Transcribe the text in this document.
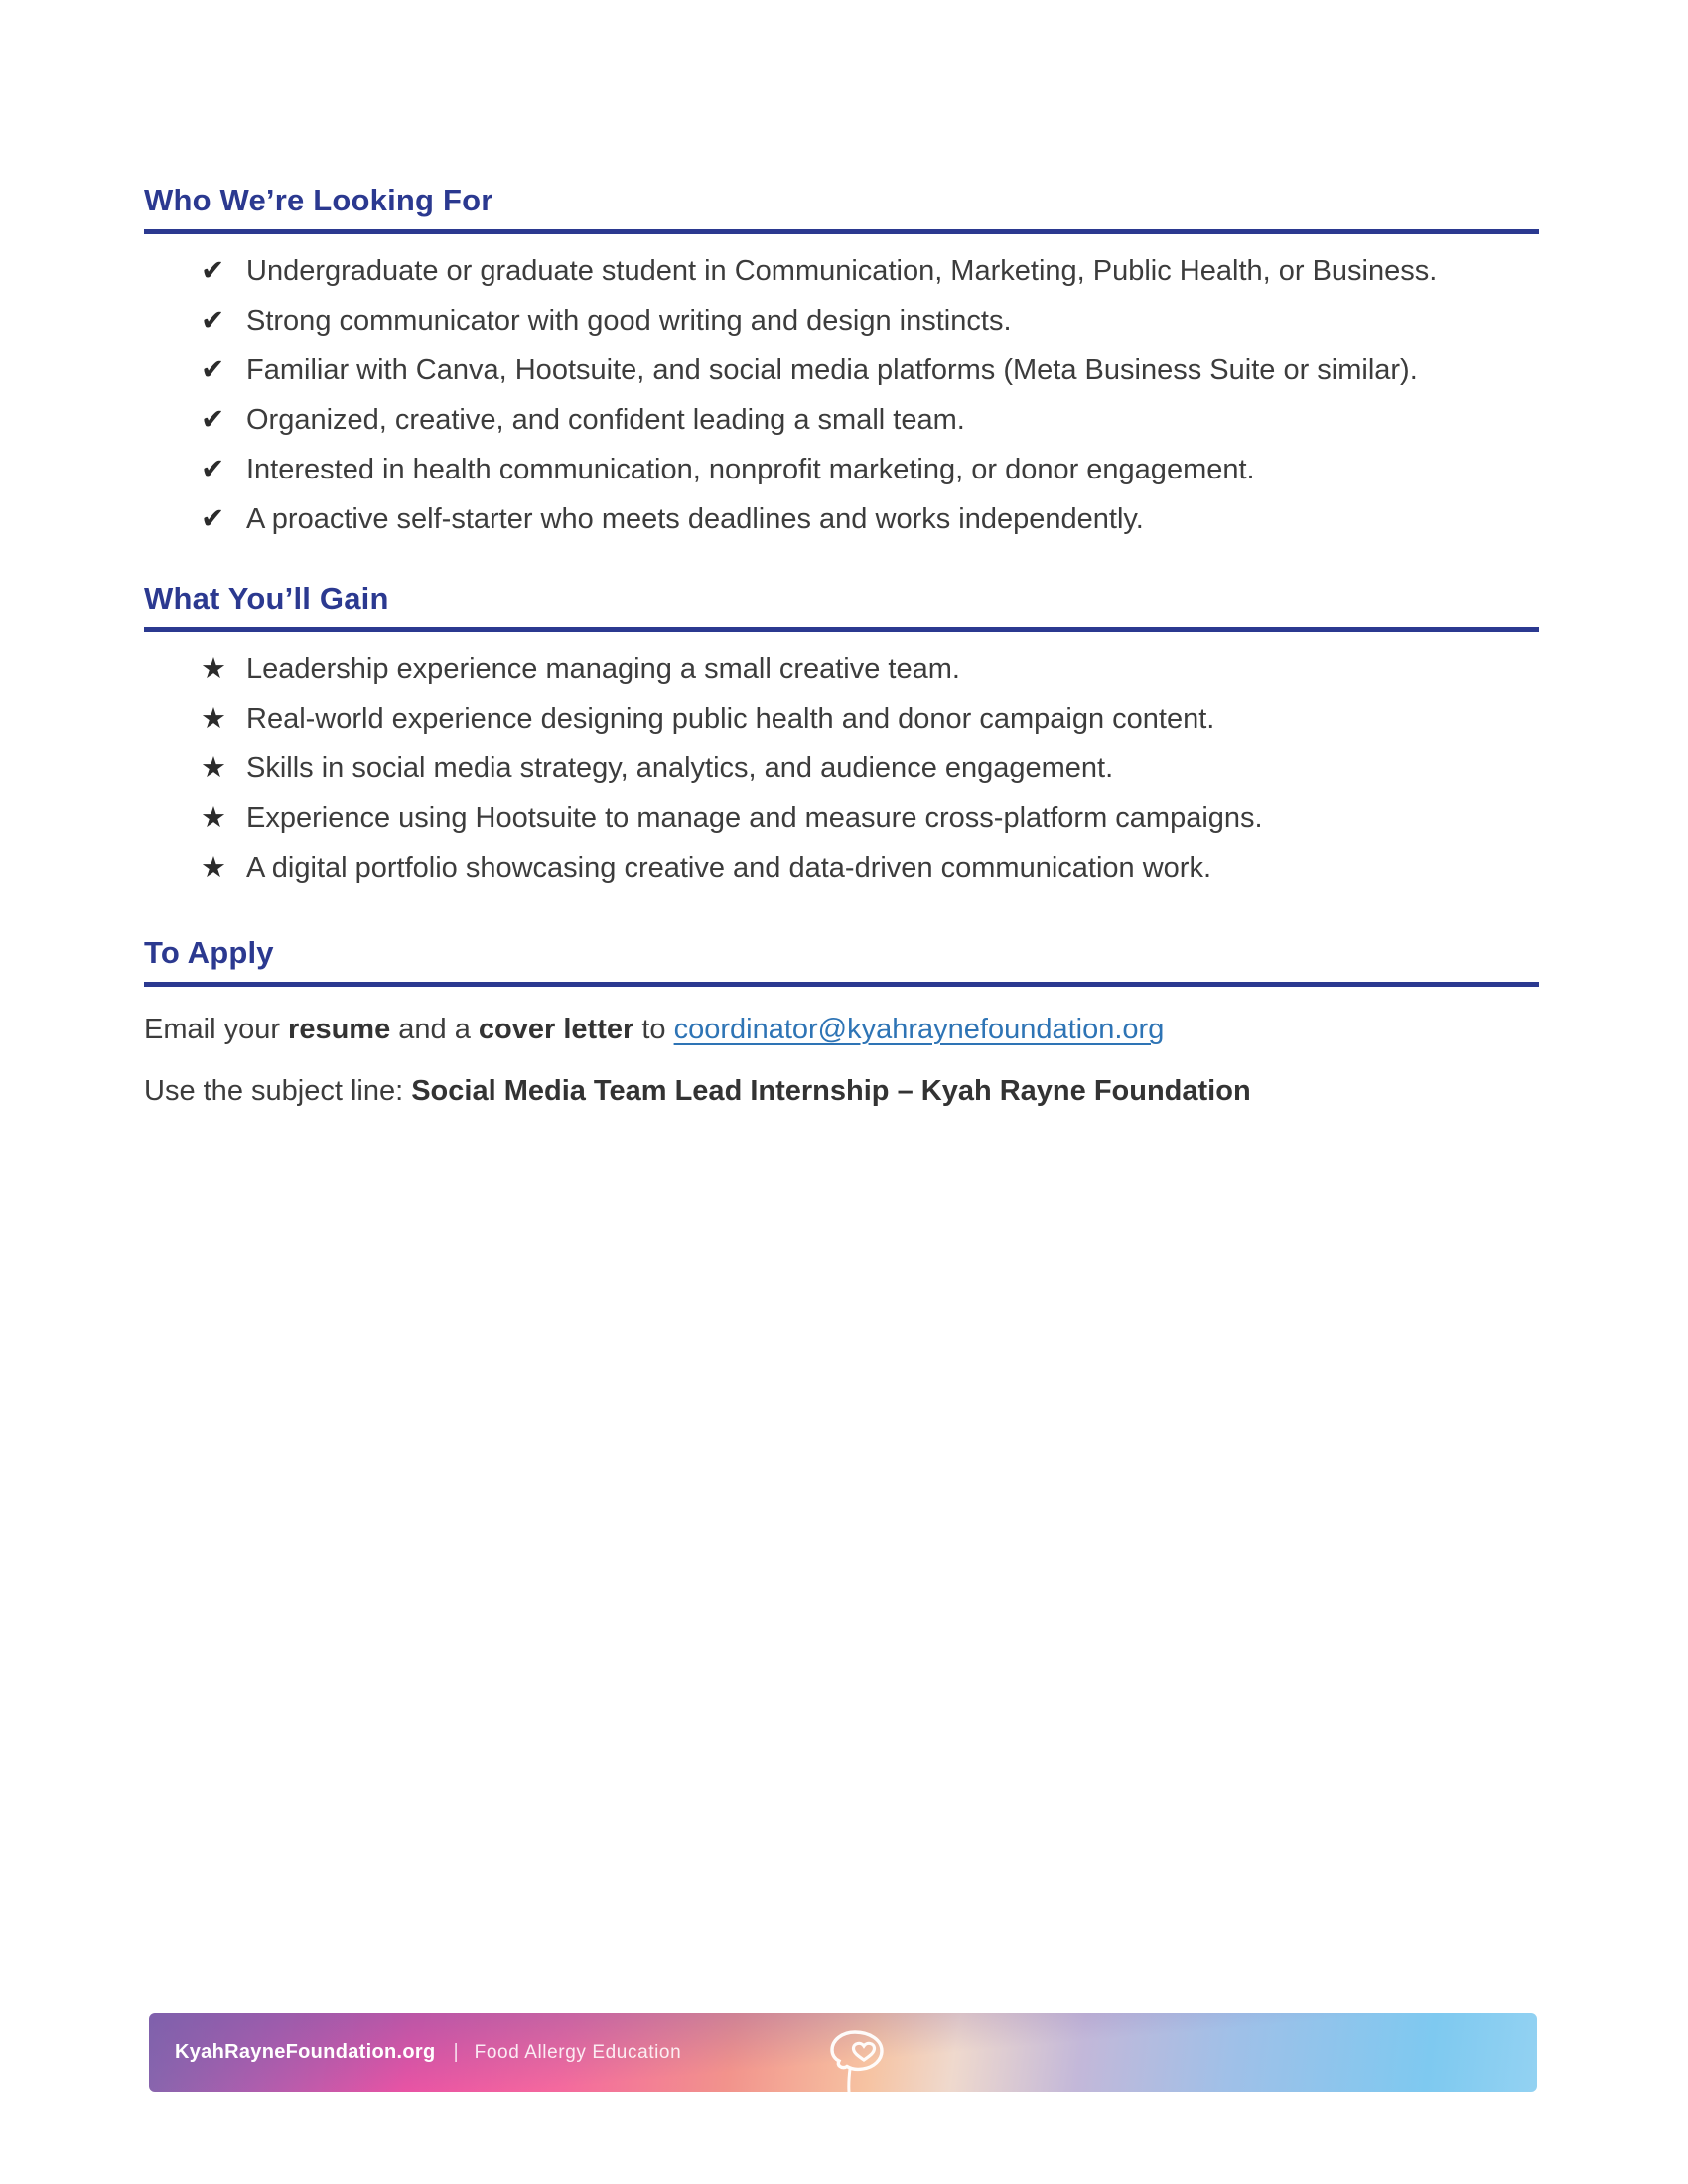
Who We’re Looking For
✔ Undergraduate or graduate student in Communication, Marketing, Public Health, or Business.
✔ Strong communicator with good writing and design instincts.
✔ Familiar with Canva, Hootsuite, and social media platforms (Meta Business Suite or similar).
✔ Organized, creative, and confident leading a small team.
✔ Interested in health communication, nonprofit marketing, or donor engagement.
✔ A proactive self-starter who meets deadlines and works independently.
What You’ll Gain
★ Leadership experience managing a small creative team.
★ Real-world experience designing public health and donor campaign content.
★ Skills in social media strategy, analytics, and audience engagement.
★ Experience using Hootsuite to manage and measure cross-platform campaigns.
★ A digital portfolio showcasing creative and data-driven communication work.
To Apply

Email your resume and a cover letter to coordinator@kyahraynefoundation.org

Use the subject line: Social Media Team Lead Internship – Kyah Rayne Foundation

KyahRayneFoundation.org | Food Allergy Education
